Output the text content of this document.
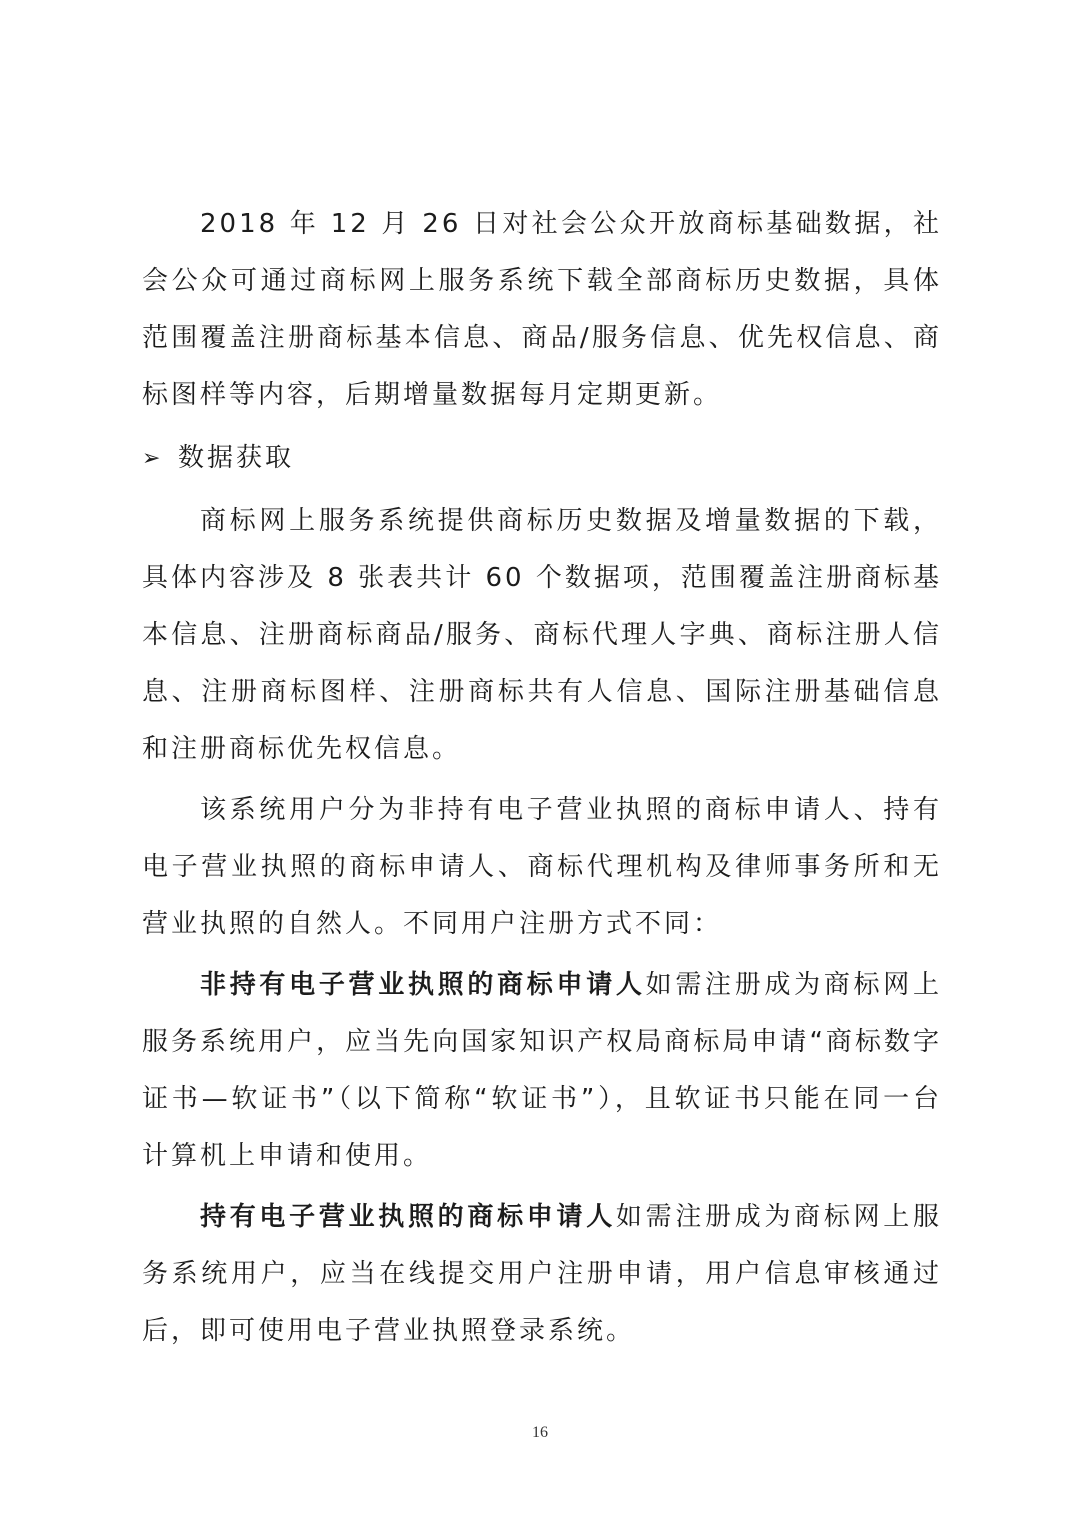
2018 年 12 月 26 日对社会公众开放商标基础数据，社会公众可通过商标网上服务系统下载全部商标历史数据，具体范围覆盖注册商标基本信息、商品/服务信息、优先权信息、商标图样等内容，后期增量数据每月定期更新。

➢ 数据获取

商标网上服务系统提供商标历史数据及增量数据的下载，具体内容涉及 8 张表共计 60 个数据项，范围覆盖注册商标基本信息、注册商标商品/服务、商标代理人字典、商标注册人信息、注册商标图样、注册商标共有人信息、国际注册基础信息和注册商标优先权信息。

该系统用户分为非持有电子营业执照的商标申请人、持有电子营业执照的商标申请人、商标代理机构及律师事务所和无营业执照的自然人。不同用户注册方式不同：

非持有电子营业执照的商标申请人如需注册成为商标网上服务系统用户，应当先向国家知识产权局商标局申请“商标数字证书—软证书”（以下简称“软证书”），且软证书只能在同一台计算机上申请和使用。

持有电子营业执照的商标申请人如需注册成为商标网上服务系统用户，应当在线提交用户注册申请，用户信息审核通过后，即可使用电子营业执照登录系统。

16
